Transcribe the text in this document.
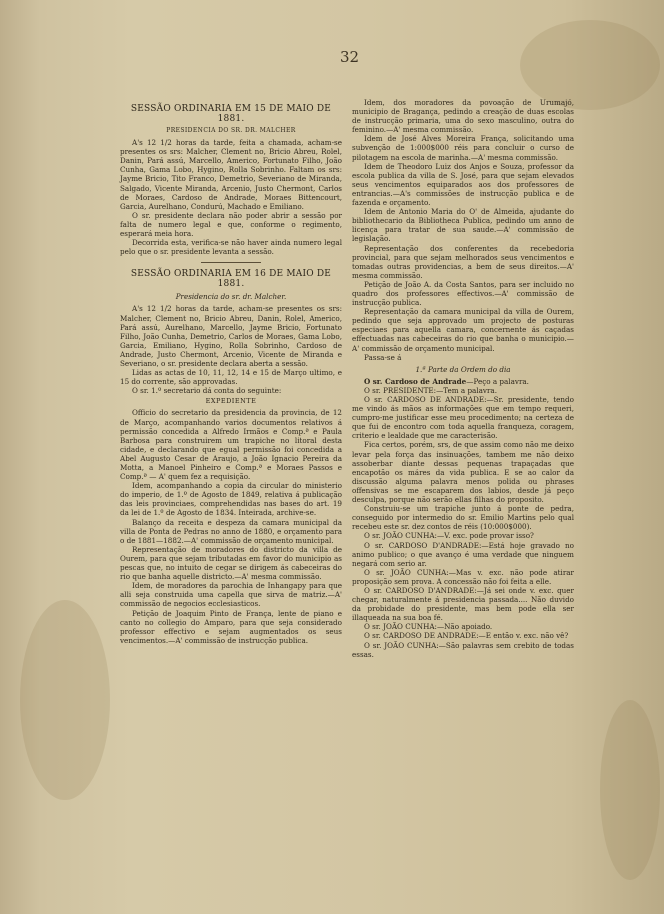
32
SESSÃO ORDINARIA EM 15 DE MAIO DE 1881.

PRESIDENCIA DO SR. DR. MALCHER

A's 12 1/2 horas da tarde, feita a chamada, acham-se presentes os srs: Malcher, Clement no, Bricio Abreu, Rolel, Danin, Pará assú, Marcello, Americo, Fortunato Filho, João Cunha, Gama Lobo, Hygino, Rolla Sobrinho. Faltam os srs: Jayme Bricio, Tito Franco, Demetrio, Severiano de Miranda, Salgado, Vicente Miranda, Arcenio, Justo Chermont, Carlos de Moraes, Cardoso de Andrade, Moraes Bittencourt, Garcia, Aurelhano, Condurú, Machado e Emiliano.

O sr. presidente declara não poder abrir a sessão por falta de numero legal e que, conforme o regimento, esperará meia hora.

Decorrida esta, verifica-se não haver ainda numero legal pelo que o sr. presidente levanta a sessão.

SESSÃO ORDINARIA EM 16 DE MAIO DE 1881.

Presidencia do sr. dr. Malcher.

A's 12 1/2 horas da tarde, acham-se presentes os srs: Malcher, Clement no, Bricio Abreu, Danin, Rolel, Americo, Pará assú, Aurelhano, Marcello, Jayme Bricio, Fortunato Filho, João Cunha, Demetrio, Carlos de Moraes, Gama Lobo, Garcia, Emiliano, Hygino, Rolla Sobrinho, Cardoso de Andrade, Justo Chermont, Arcenio, Vicente de Miranda e Severiano, o sr. presidente declara aberta a sessão.

Lidas as actas de 10, 11, 12, 14 e 15 de Março ultimo, e 15 do corrente, são approvadas.

O sr. 1.º secretario dá conta do seguinte:

EXPEDIENTE

Officio do secretario da presidencia da provincia, de 12 de Março, acompanhando varios documentos relativos á permissão concedida a Alfredo Irmãos e Comp.ª e Paula Barbosa para construirem um trapiche no litoral desta cidade, e declarando que egual permissão foi concedida a Abel Augusto Cesar de Araujo, a João Ignacio Pereira da Motta, a Manoel Pinheiro e Comp.ª e Moraes Passos e Comp.ª — A' quem fez a requisição.

Idem, acompanhando a copia da circular do ministerio do imperio, de 1.º de Agosto de 1849, relativa á publicação das leis provinciaes, comprehendidas nas bases do art. 19 da lei de 1.º de Agosto de 1834. Inteirada, archive-se.

Balanço da receita e despeza da camara municipal da villa de Ponta de Pedras no anno de 1880, e orçamento para o de 1881—1882.—A' commissão de orçamento municipal.

Representação de moradores do districto da villa de Ourem, para que sejam tributadas em favor do municipio as pescas que, no intuito de cegar se dirigem ás cabeceiras do rio que banha aquelle districto.—A' mesma commissão.

Idem, de moradores da parochia de Inhangapy para que alli seja construida uma capella que sirva de matriz.—A' commissão de negocios ecclesiasticos.

Petição de Joaquim Pinto de França, lente de piano e canto no collegio do Amparo, para que seja considerado professor effectivo e sejam augmentados os seus vencimentos.—A' commissão de instrucção publica.

Idem, dos moradores da povoação de Urumajó, municipio de Bragança, pedindo a creação de duas escolas de instrucção primaria, uma do sexo masculino, outra do feminino.—A' mesma commissão.

Idem de José Alves Moreira França, solicitando uma subvenção de 1:000$000 réis para concluir o curso de pilotagem na escola de marinha.—A' mesma commissão.

Idem de Theodoro Luiz dos Anjos e Souza, professor da escola publica da villa de S. José, para que sejam elevados seus vencimentos equiparados aos dos professores de entrancias.—A's commissões de instrucção publica e de fazenda e orçamento.

Idem de Antonio Maria do O' de Almeida, ajudante do bibliothecario da Bibliotheca Publica, pedindo um anno de licença para tratar de sua saude.—A' commissão de legislação.

Representação dos conferentes da recebedoria provincial, para que sejam melhorados seus vencimentos e tomadas outras providencias, a bem de seus direitos.—A' mesma commissão.

Petição de João A. da Costa Santos, para ser incluido no quadro dos professores effectivos.—A' commissão de instrucção publica.

Representação da camara municipal da villa de Ourem, pedindo que seja approvado um projecto de posturas especiaes para aquella camara, concernente ás caçadas effectuadas nas cabeceiras do rio que banha o municipio.—A' commissão de orçamento municipal.

Passa-se á

1.ª Parte da Ordem do dia

O sr. Cardoso de Andrade—Peço a palavra.

O sr. PRESIDENTE:—Tem a palavra.

O sr. CARDOSO DE ANDRADE:—Sr. presidente, tendo me vindo ás mãos as informações que em tempo requeri, cumpro-me justificar esse meu procedimento; na certeza de que fui de encontro com toda aquella franqueza, coragem, criterio e lealdade que me caracterisão.

Fica certos, porém, srs, de que assim como não me deixo levar pela força das insinuações, tambem me não deixo assoberbar diante dessas pequenas trapaçadas que encapotão os máres da vida publica. E se ao calor da discussão alguma palavra menos polida ou phrases offensivas se me escaparem dos labios, desde já peço desculpa, porque não serão ellas filhas do proposito.

Construiu-se um trapiche junto á ponte de pedra, conseguido por intermedio do sr. Emilio Martins pelo qual recebeu este sr. dez contos de réis (10:000$000).

O sr. JOÃO CUNHA:—V. exc. pode provar isso?

O sr. CARDOSO D'ANDRADE:—Está hoje gravado no animo publico; o que avanço é uma verdade que ninguem negará com serio ar.

O sr. JOÃO CUNHA:—Mas v. exc. não pode atirar proposição sem prova. A concessão não foi feita a elle.

O sr. CARDOSO D'ANDRADE:—Já sei onde v. exc. quer chegar, naturalmente á presidencia passada.... Não duvido da probidade do presidente, mas bem pode ella ser illaqueada na sua boa fé.

O sr. JOÃO CUNHA:—Não apoiado.

O sr. CARDOSO DE ANDRADE:—E então v. exc. não vê?

O sr. JOÃO CUNHA:—São palavras sem crebito de todas essas.
